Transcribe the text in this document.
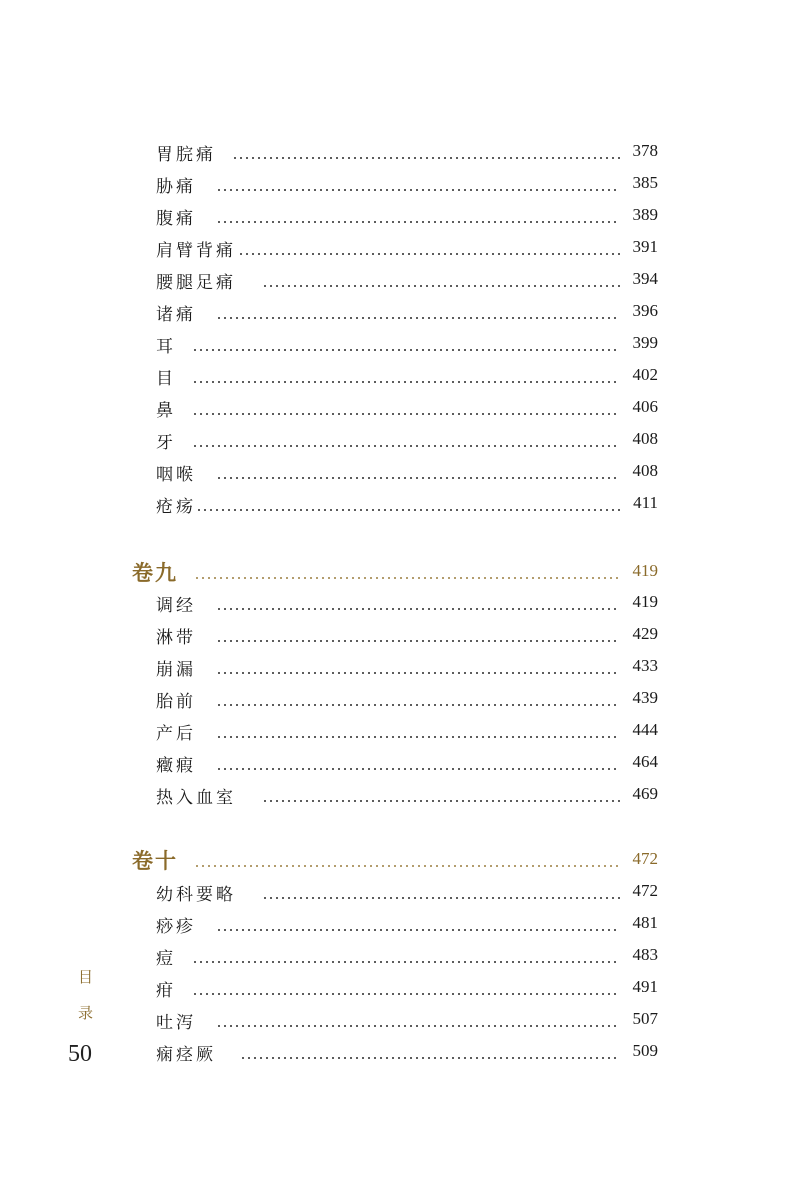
胃脘痛	378
胁痛	385
腹痛	389
肩臂背痛	391
腰腿足痛	394
诸痛	396
耳	399
目	402
鼻	406
牙	408
咽喉	408
疮疡	411
卷九	419
调经	419
淋带	429
崩漏	433
胎前	439
产后	444
癥瘕	464
热入血室	469
卷十	472
幼科要略	472
痧疹	481
痘	483
疳	491
吐泻	507
痫痉厥	509
目
录
50
